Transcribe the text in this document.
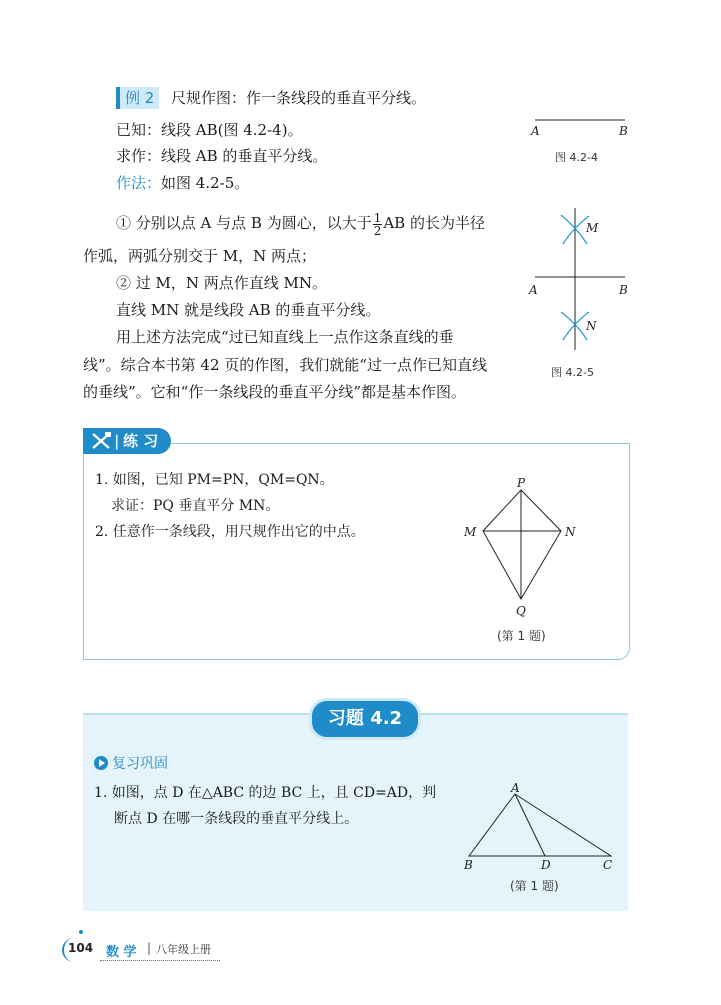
例 2	尺规作图：作一条线段的垂直平分线。
已知：线段 AB(图 4.2-4)。
求作：线段 AB 的垂直平分线。
作法：如图 4.2-5。
① 分别以点 A 与点 B 为圆心，以大于 $\frac{1}{2}$ AB 的长为半径
作弧，两弧分别交于 M，N 两点；
② 过 M，N 两点作直线 MN。
直线 MN 就是线段 AB 的垂直平分线。
用上述方法完成“过已知直线上一点作这条直线的垂
线”。综合本书第 42 页的作图，我们就能“过一点作已知直线
的垂线”。它和“作一条线段的垂直平分线”都是基本作图。
A	B
图 4.2-4
M
N
A	B
图 4.2-5
| 练 习
1. 如图，已知 PM=PN，QM=QN。
求证：PQ 垂直平分 MN。
2. 任意作一条线段，用尺规作出它的中点。
P
M	N
Q
(第 1 题)
习题 4.2
复习巩固
1. 如图，点 D 在△ABC 的边 BC 上，且 CD=AD，判
断点 D 在哪一条线段的垂直平分线上。
A
B	D	C
(第 1 题)
104 数 学 | 八年级上册
